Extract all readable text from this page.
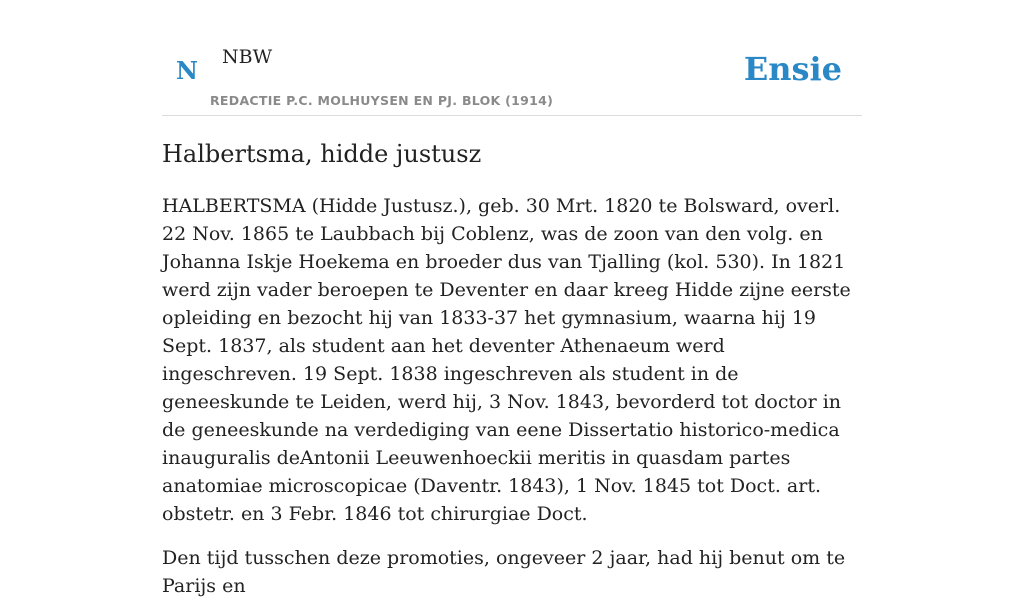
N NBW
REDACTIE P.C. MOLHUYSEN EN PJ. BLOK (1914)
Ensie
Halbertsma, hidde justusz

HALBERTSMA (Hidde Justusz.), geb. 30 Mrt. 1820 te Bolsward, overl. 22 Nov. 1865 te Laubbach bij Coblenz, was de zoon van den volg. en Johanna Iskje Hoekema en broeder dus van Tjalling (kol. 530). In 1821 werd zijn vader beroepen te Deventer en daar kreeg Hidde zijne eerste opleiding en bezocht hij van 1833-37 het gymnasium, waarna hij 19 Sept. 1837, als student aan het deventer Athenaeum werd ingeschreven. 19 Sept. 1838 ingeschreven als student in de geneeskunde te Leiden, werd hij, 3 Nov. 1843, bevorderd tot doctor in de geneeskunde na verdediging van eene Dissertatio historico-medica inauguralis deAntonii Leeuwenhoeckii meritis in quasdam partes anatomiae microscopicae (Daventr. 1843), 1 Nov. 1845 tot Doct. art. obstetr. en 3 Febr. 1846 tot chirurgiae Doct.

Den tijd tusschen deze promoties, ongeveer 2 jaar, had hij benut om te Parijs en
